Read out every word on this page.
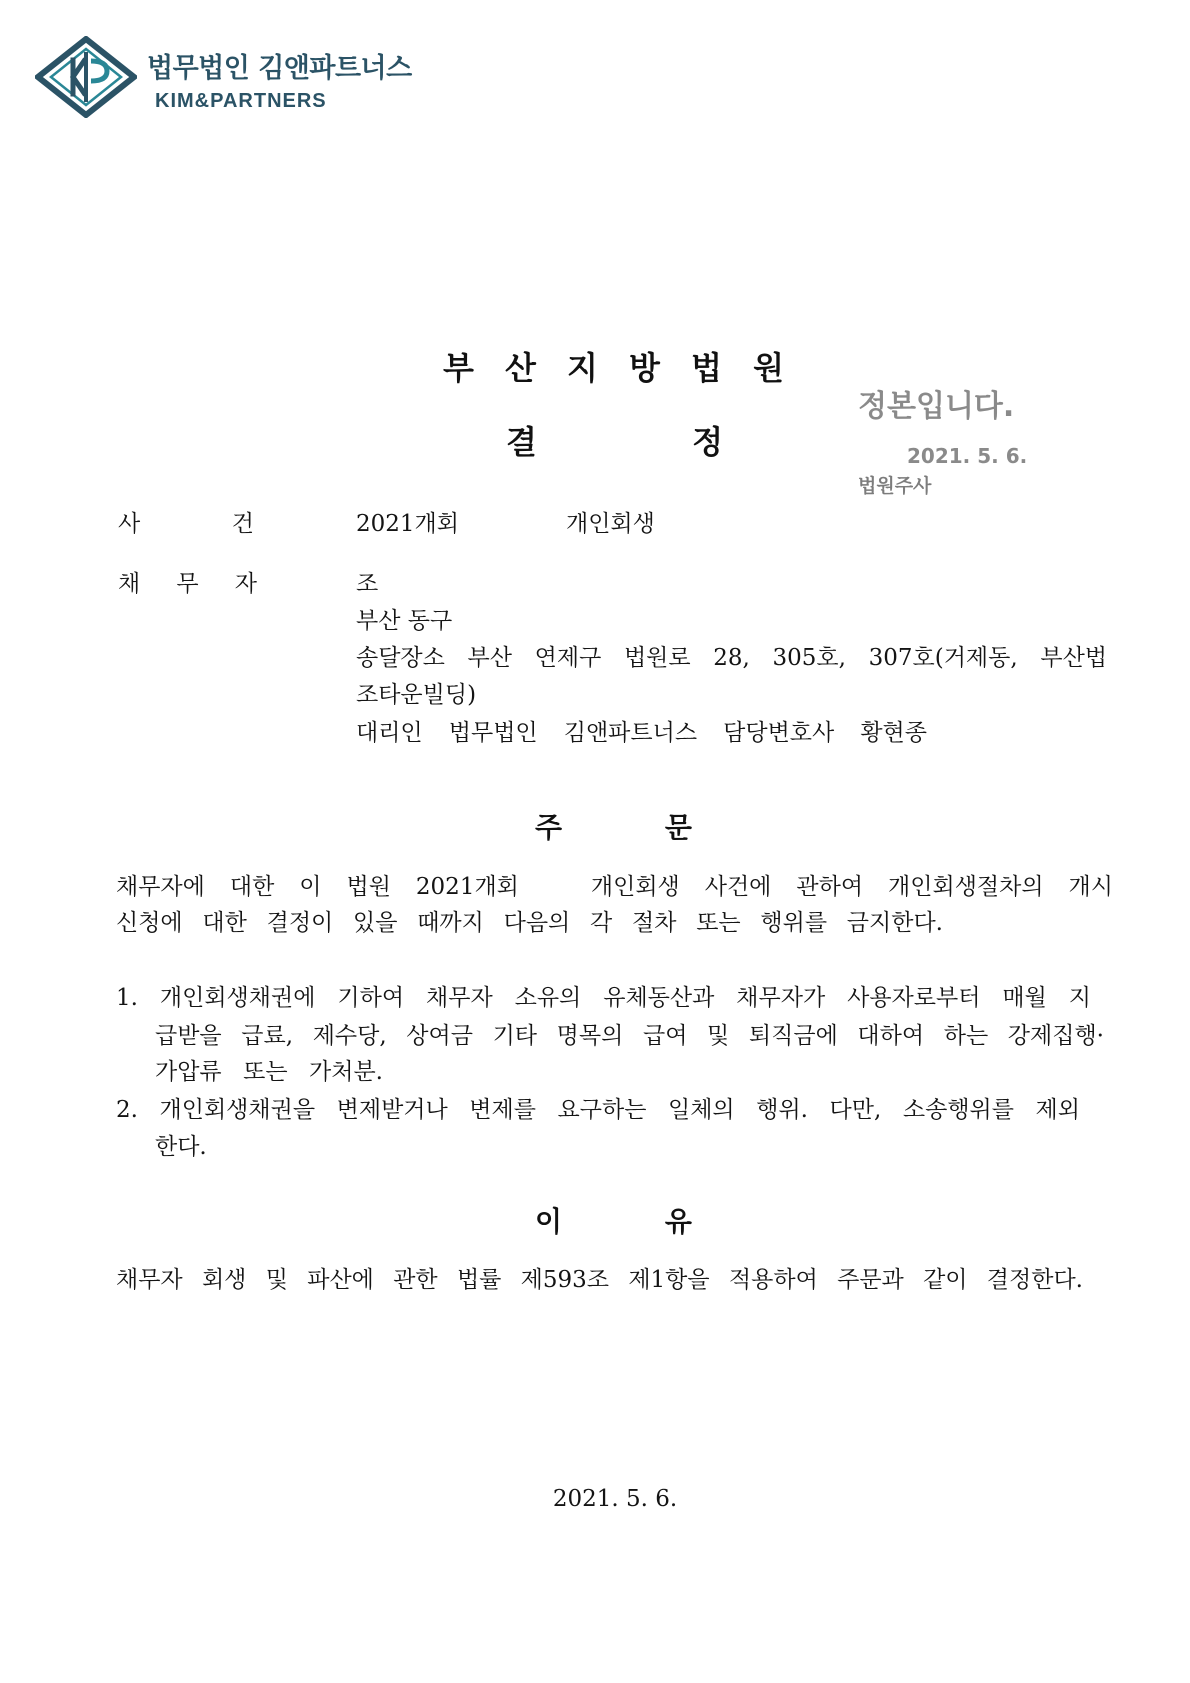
법무법인 김앤파트너스
KIM&PARTNERS
부 산 지 방 법 원
결 정
정본입니다.
2021. 5. 6.
법원주사
사 건	2021개회	개인회생
채 무 자	조
부산 동구
송달장소 부산 연제구 법원로 28, 305호, 307호(거제동, 부산법
조타운빌딩)
대리인 법무법인 김앤파트너스 담당변호사 황현종
주 문
채무자에 대한 이 법원 2021개회	개인회생 사건에 관하여 개인회생절차의 개시
신청에 대한 결정이 있을 때까지 다음의 각 절차 또는 행위를 금지한다.
1. 개인회생채권에 기하여 채무자 소유의 유체동산과 채무자가 사용자로부터 매월 지
급받을 급료, 제수당, 상여금 기타 명목의 급여 및 퇴직금에 대하여 하는 강제집행·
가압류 또는 가처분.
2. 개인회생채권을 변제받거나 변제를 요구하는 일체의 행위. 다만, 소송행위를 제외
한다.
이 유
채무자 회생 및 파산에 관한 법률 제593조 제1항을 적용하여 주문과 같이 결정한다.
2021. 5. 6.
